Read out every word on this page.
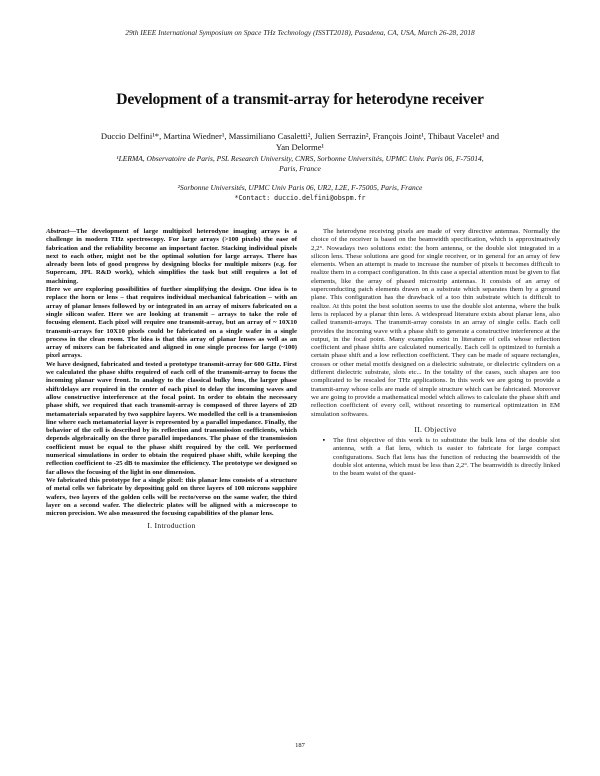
29th IEEE International Symposium on Space THz Technology (ISSTT2018), Pasadena, CA, USA, March 26-28, 2018
Development of a transmit-array for heterodyne receiver
Duccio Delfini¹*, Martina Wiedner¹, Massimiliano Casaletti², Julien Serrazin², François Joint¹, Thibaut Vacelet¹ and Yan Delorme¹
¹LERMA, Observatoire de Paris, PSL Research University, CNRS, Sorbonne Universités, UPMC Univ. Paris 06, F-75014, Paris, France
²Sorbonne Universités, UPMC Univ Paris 06, UR2, L2E, F-75005, Paris, France
*Contact: duccio.delfini@obspm.fr

Abstract—The development of large multipixel heterodyne imaging arrays is a challenge in modern THz spectroscopy. For large arrays (>100 pixels) the ease of fabrication and the reliability become an important factor. Stacking individual pixels next to each other, might not be the optimal solution for large arrays. There has already been lots of good progress by designing blocks for multiple mixers (e.g. for Supercam, JPL R&D work), which simplifies the task but still requires a lot of machining.

Here we are exploring possibilities of further simplifying the design. One idea is to replace the horn or lens – that requires individual mechanical fabrication – with an array of planar lenses followed by or integrated in an array of mixers fabricated on a single silicon wafer. Here we are looking at transmit – arrays to take the role of focusing element. Each pixel will require one transmit-array, but an array of ~ 10X10 transmit-arrays for 10X10 pixels could be fabricated on a single wafer in a single process in the clean room. The idea is that this array of planar lenses as well as an array of mixers can be fabricated and aligned in one single process for large (~100) pixel arrays.

We have designed, fabricated and tested a prototype transmit-array for 600 GHz. First we calculated the phase shifts required of each cell of the transmit-array to focus the incoming planar wave front. In analogy to the classical bulky lens, the larger phase shift/delays are required in the center of each pixel to delay the incoming waves and allow constructive interference at the focal point. In order to obtain the necessary phase shift, we required that each transmit-array is composed of three layers of 2D metamaterials separated by two sapphire layers. We modelled the cell is a transmission line where each metamaterial layer is represented by a parallel impedance. Finally, the behavior of the cell is described by its reflection and transmission coefficients, which depends algebraically on the three parallel impedances. The phase of the transmission coefficient must be equal to the phase shift required by the cell. We performed numerical simulations in order to obtain the required phase shift, while keeping the reflection coefficient to -25 dB to maximize the efficiency. The prototype we designed so far allows the focusing of the light in one dimension.

We fabricated this prototype for a single pixel: this planar lens consists of a structure of metal cells we fabricate by depositing gold on three layers of 100 microns sapphire wafers, two layers of the golden cells will be recto/verso on the same wafer, the third layer on a second wafer. The dielectric plates will be aligned with a microscope to micron precision. We also measured the focusing capabilities of the planar lens.

I. Introduction

The heterodyne receiving pixels are made of very directive antennas. Normally the choice of the receiver is based on the beamwidth specification, which is approximatively 2,2°. Nowadays two solutions exist: the horn antenna, or the double slot integrated in a silicon lens. These solutions are good for single receiver, or in general for an array of few elements. When an attempt is made to increase the number of pixels it becomes difficult to realize them in a compact configuration. In this case a special attention must be given to flat elements, like the array of phased microstrip antennas. It consists of an array of superconducting patch elements drawn on a substrate which separates them by a ground plane. This configuration has the drawback of a too thin substrate which is difficult to realize. At this point the best solution seems to use the double slot antenna, where the bulk lens is replaced by a planar thin lens. A widespread literature exists about planar lens, also called transmit-arrays. The transmit-array consists in an array of single cells. Each cell provides the incoming wave with a phase shift to generate a constructive interference at the output, in the focal point. Many examples exist in literature of cells whose reflection coefficient and phase shifts are calculated numerically. Each cell is optimized to furnish a certain phase shift and a low reflection coefficient. They can be made of square rectangles, crosses or other metal motifs designed on a dielectric substrate, or dielectric cylinders on a different dielectric substrate, slots etc... In the totality of the cases, such shapes are too complicated to be rescaled for THz applications. In this work we are going to provide a transmit-array whose cells are made of simple structure which can be fabricated. Moreover we are going to provide a mathematical model which allows to calculate the phase shift and reflection coefficient of every cell, without resorting to numerical optimization in EM simulation softwares.

II. Objective
▪	The first objective of this work is to substitute the bulk lens of the double slot antenna, with a flat lens, which is easier to fabricate for large compact configurations. Such flat lens has the function of reducing the beamwidth of the double slot antenna, which must be less than 2,2°. The beamwidth is directly linked to the beam waist of the quasi-
187
